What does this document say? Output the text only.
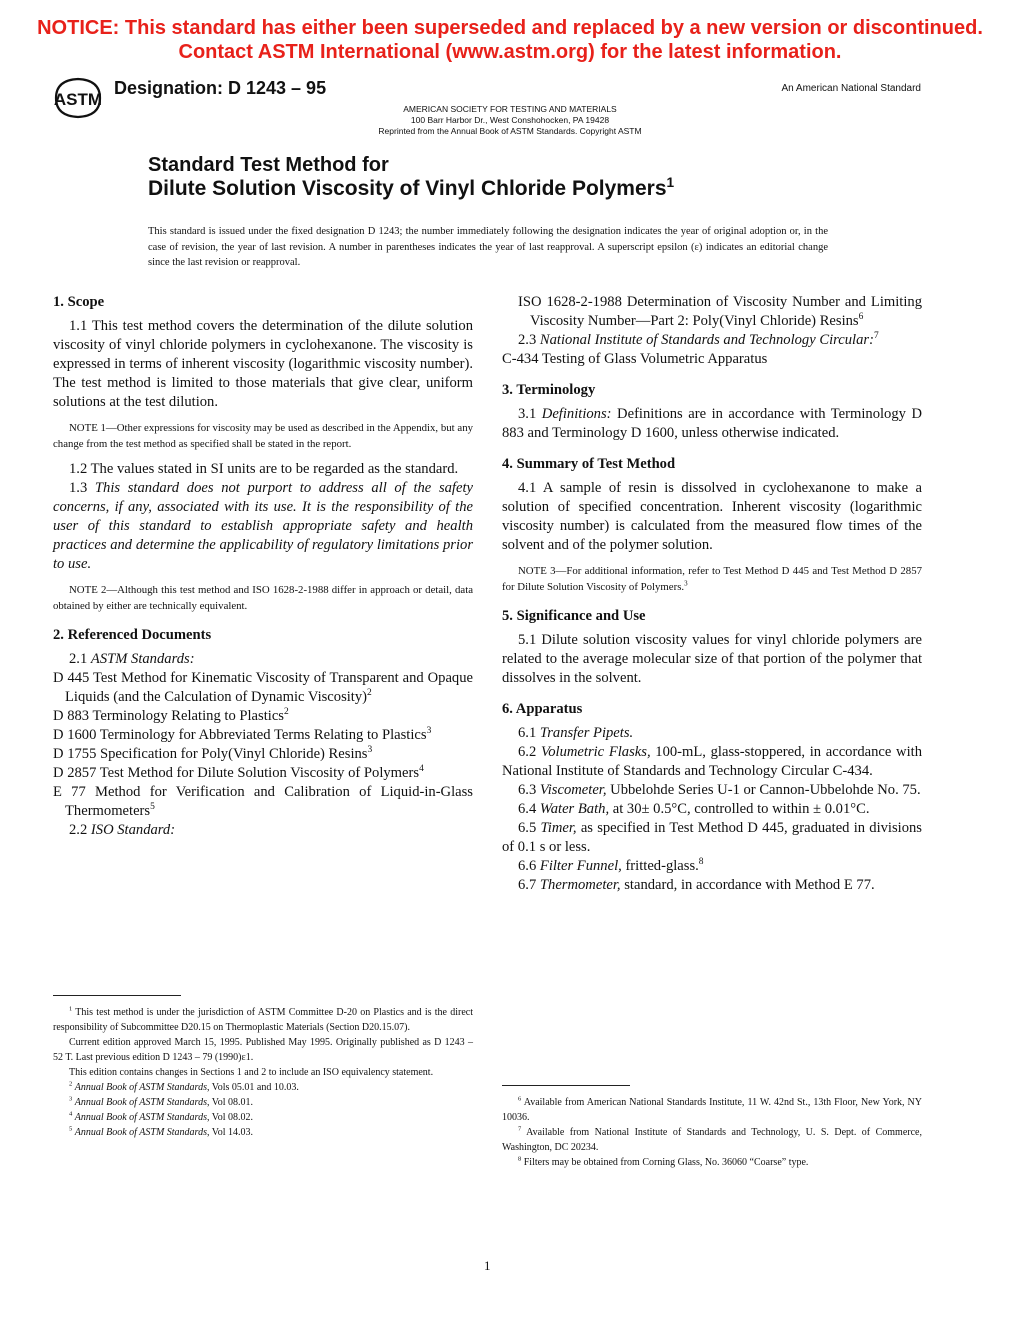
NOTICE: This standard has either been superseded and replaced by a new version or discontinued.
Contact ASTM International (www.astm.org) for the latest information.
ASTM
Designation: D 1243 – 95	An American National Standard
AMERICAN SOCIETY FOR TESTING AND MATERIALS
100 Barr Harbor Dr., West Conshohocken, PA 19428
Reprinted from the Annual Book of ASTM Standards. Copyright ASTM
Standard Test Method for
Dilute Solution Viscosity of Vinyl Chloride Polymers$^1$
This standard is issued under the fixed designation D 1243; the number immediately following the designation indicates the year of original adoption or, in the case of revision, the year of last revision. A number in parentheses indicates the year of last reapproval. A superscript epsilon (ε) indicates an editorial change since the last revision or reapproval.

1. Scope

1.1 This test method covers the determination of the dilute solution viscosity of vinyl chloride polymers in cyclohexanone. The viscosity is expressed in terms of inherent viscosity (logarithmic viscosity number). The test method is limited to those materials that give clear, uniform solutions at the test dilution.

NOTE 1—Other expressions for viscosity may be used as described in the Appendix, but any change from the test method as specified shall be stated in the report.

1.2 The values stated in SI units are to be regarded as the standard.

1.3 This standard does not purport to address all of the safety concerns, if any, associated with its use. It is the responsibility of the user of this standard to establish appropriate safety and health practices and determine the applicability of regulatory limitations prior to use.

NOTE 2—Although this test method and ISO 1628-2-1988 differ in approach or detail, data obtained by either are technically equivalent.

2. Referenced Documents

2.1 ASTM Standards:

D 445 Test Method for Kinematic Viscosity of Transparent and Opaque Liquids (and the Calculation of Dynamic Viscosity)$^2$

D 883 Terminology Relating to Plastics$^2$

D 1600 Terminology for Abbreviated Terms Relating to Plastics$^3$

D 1755 Specification for Poly(Vinyl Chloride) Resins$^3$

D 2857 Test Method for Dilute Solution Viscosity of Polymers$^4$

E 77 Method for Verification and Calibration of Liquid-in-Glass Thermometers$^5$

2.2 ISO Standard:

$^1$ This test method is under the jurisdiction of ASTM Committee D-20 on Plastics and is the direct responsibility of Subcommittee D20.15 on Thermoplastic Materials (Section D20.15.07).

Current edition approved March 15, 1995. Published May 1995. Originally published as D 1243 – 52 T. Last previous edition D 1243 – 79 (1990)ε1.

This edition contains changes in Sections 1 and 2 to include an ISO equivalency statement.

$^2$ Annual Book of ASTM Standards, Vols 05.01 and 10.03.

$^3$ Annual Book of ASTM Standards, Vol 08.01.

$^4$ Annual Book of ASTM Standards, Vol 08.02.

$^5$ Annual Book of ASTM Standards, Vol 14.03.

ISO 1628-2-1988 Determination of Viscosity Number and Limiting Viscosity Number—Part 2: Poly(Vinyl Chloride) Resins$^6$

2.3 National Institute of Standards and Technology Circular:$^7$

C-434 Testing of Glass Volumetric Apparatus

3. Terminology

3.1 Definitions: Definitions are in accordance with Terminology D 883 and Terminology D 1600, unless otherwise indicated.

4. Summary of Test Method

4.1 A sample of resin is dissolved in cyclohexanone to make a solution of specified concentration. Inherent viscosity (logarithmic viscosity number) is calculated from the measured flow times of the solvent and of the polymer solution.

NOTE 3—For additional information, refer to Test Method D 445 and Test Method D 2857 for Dilute Solution Viscosity of Polymers.$^3$

5. Significance and Use

5.1 Dilute solution viscosity values for vinyl chloride polymers are related to the average molecular size of that portion of the polymer that dissolves in the solvent.

6. Apparatus

6.1 Transfer Pipets.

6.2 Volumetric Flasks, 100-mL, glass-stoppered, in accordance with National Institute of Standards and Technology Circular C-434.

6.3 Viscometer, Ubbelohde Series U-1 or Cannon-Ubbelohde No. 75.

6.4 Water Bath, at 30± 0.5°C, controlled to within ± 0.01°C.

6.5 Timer, as specified in Test Method D 445, graduated in divisions of 0.1 s or less.

6.6 Filter Funnel, fritted-glass.$^8$

6.7 Thermometer, standard, in accordance with Method E 77.

$^6$ Available from American National Standards Institute, 11 W. 42nd St., 13th Floor, New York, NY 10036.

$^7$ Available from National Institute of Standards and Technology, U. S. Dept. of Commerce, Washington, DC 20234.

$^8$ Filters may be obtained from Corning Glass, No. 36060 “Coarse” type.

1
